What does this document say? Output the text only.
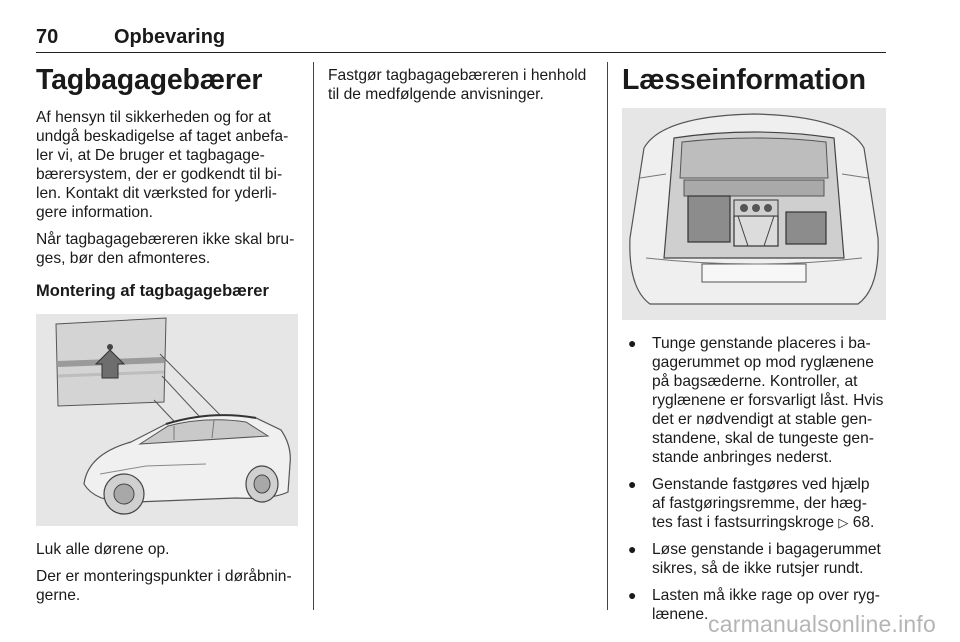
70	Opbevaring
Tagbagagebærer

Af hensyn til sikkerheden og for at undgå beskadigelse af taget anbefa-ler vi, at De bruger et tagbagage-bærersystem, der er godkendt til bi-len. Kontakt dit værksted for yderli-gere information.

Når tagbagagebæreren ikke skal bru-ges, bør den afmonteres.

Montering af tagbagagebærer

Luk alle dørene op.

Der er monteringspunkter i døråbnin-gerne.

Fastgør tagbagagebæreren i henhold til de medfølgende anvisninger.	Læsseinformation
● Tunge genstande placeres i ba-gagerummet op mod ryglænene på bagsæderne. Kontroller, at ryglænene er forsvarligt låst. Hvis det er nødvendigt at stable gen-standene, skal de tungeste gen-stande anbringes nederst.
● Genstande fastgøres ved hjælp af fastgøringsremme, der hæg-tes fast i fastsurringskroge ▷ 68.
● Løse genstande i bagagerummet sikres, så de ikke rutsjer rundt.
● Lasten må ikke rage op over ryg-lænene. carmanualsonline.info
